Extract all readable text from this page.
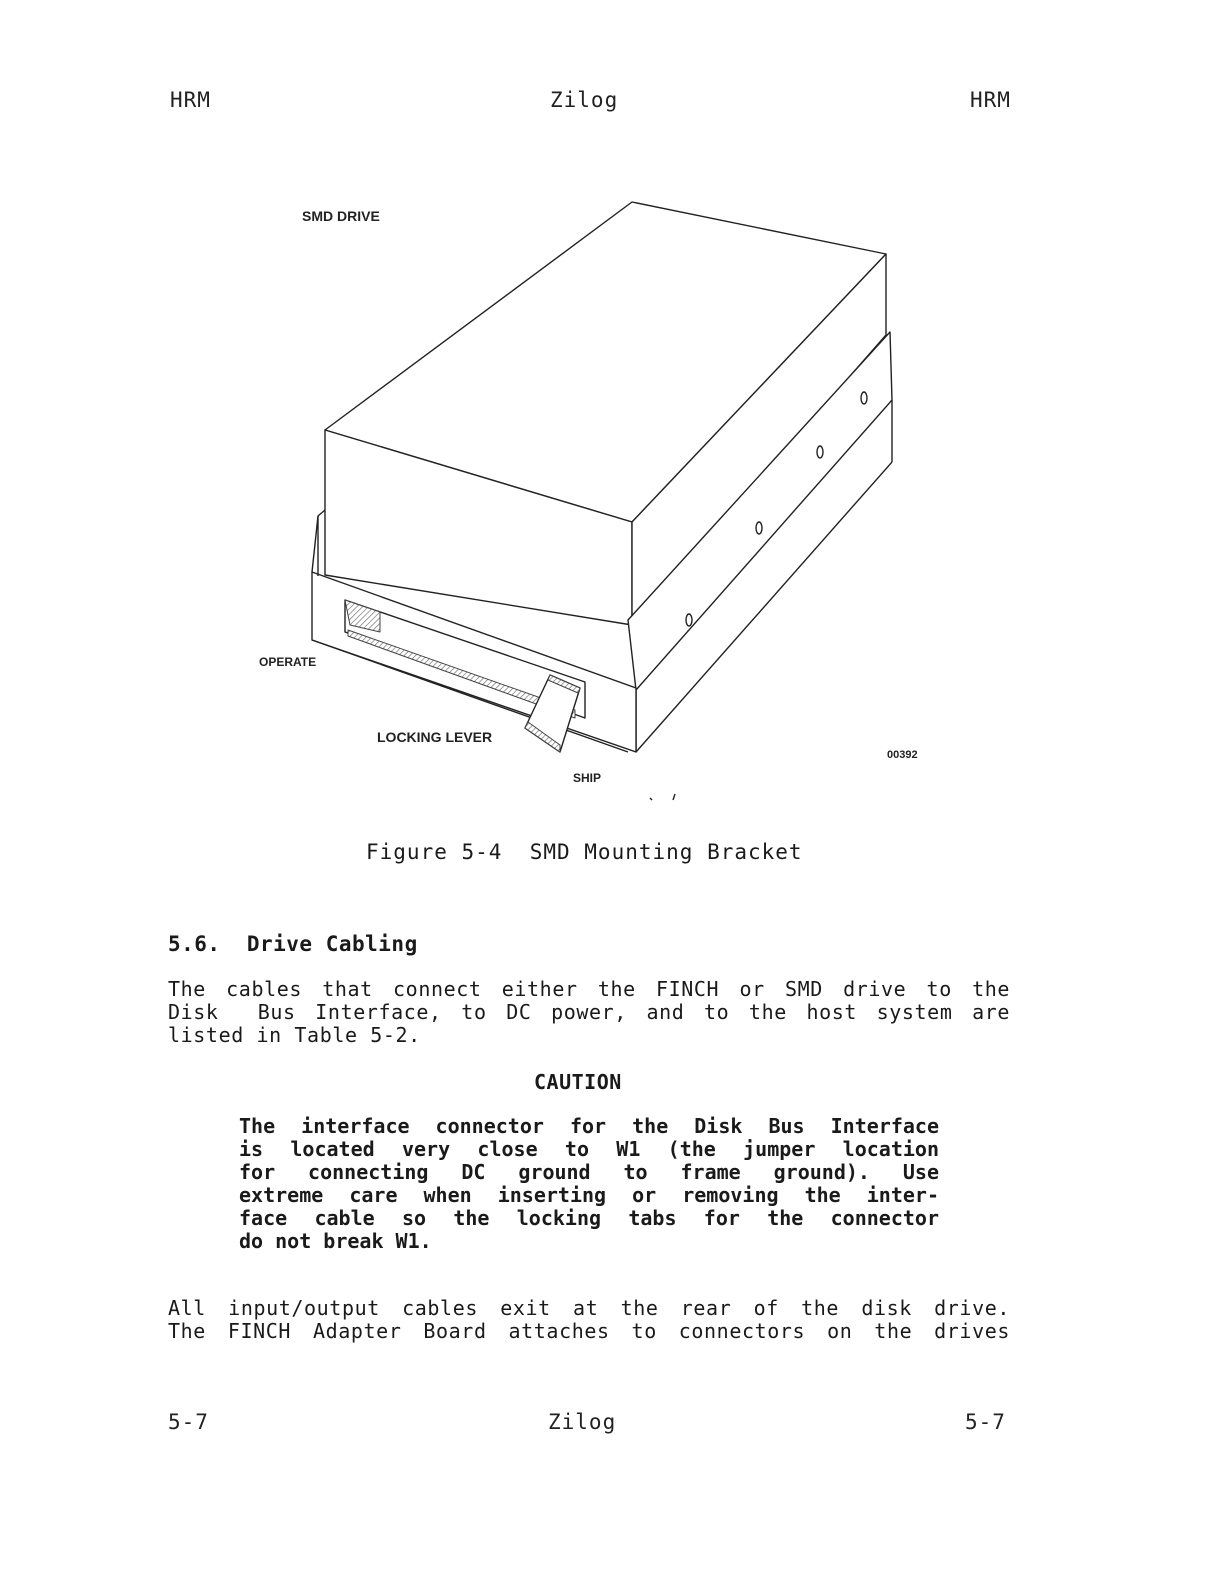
HRM	Zilog	HRM
SMD DRIVE
OPERATE
LOCKING LEVER
SHIP
00392
Figure 5-4  SMD Mounting Bracket
5.6.  Drive Cabling
The cables that connect either the FINCH or SMD drive to the
Disk  Bus Interface, to DC power, and to the host system are
listed in Table 5-2.
CAUTION
The interface connector for the Disk Bus Interface
is located very close to W1 (the jumper location
for connecting DC ground to frame ground). Use
extreme care when inserting or removing the inter-
face cable so the locking tabs for the connector
do not break W1.
All input/output cables exit at the rear of the disk drive.
The FINCH Adapter Board attaches to connectors on the drives
5-7	Zilog	5-7
